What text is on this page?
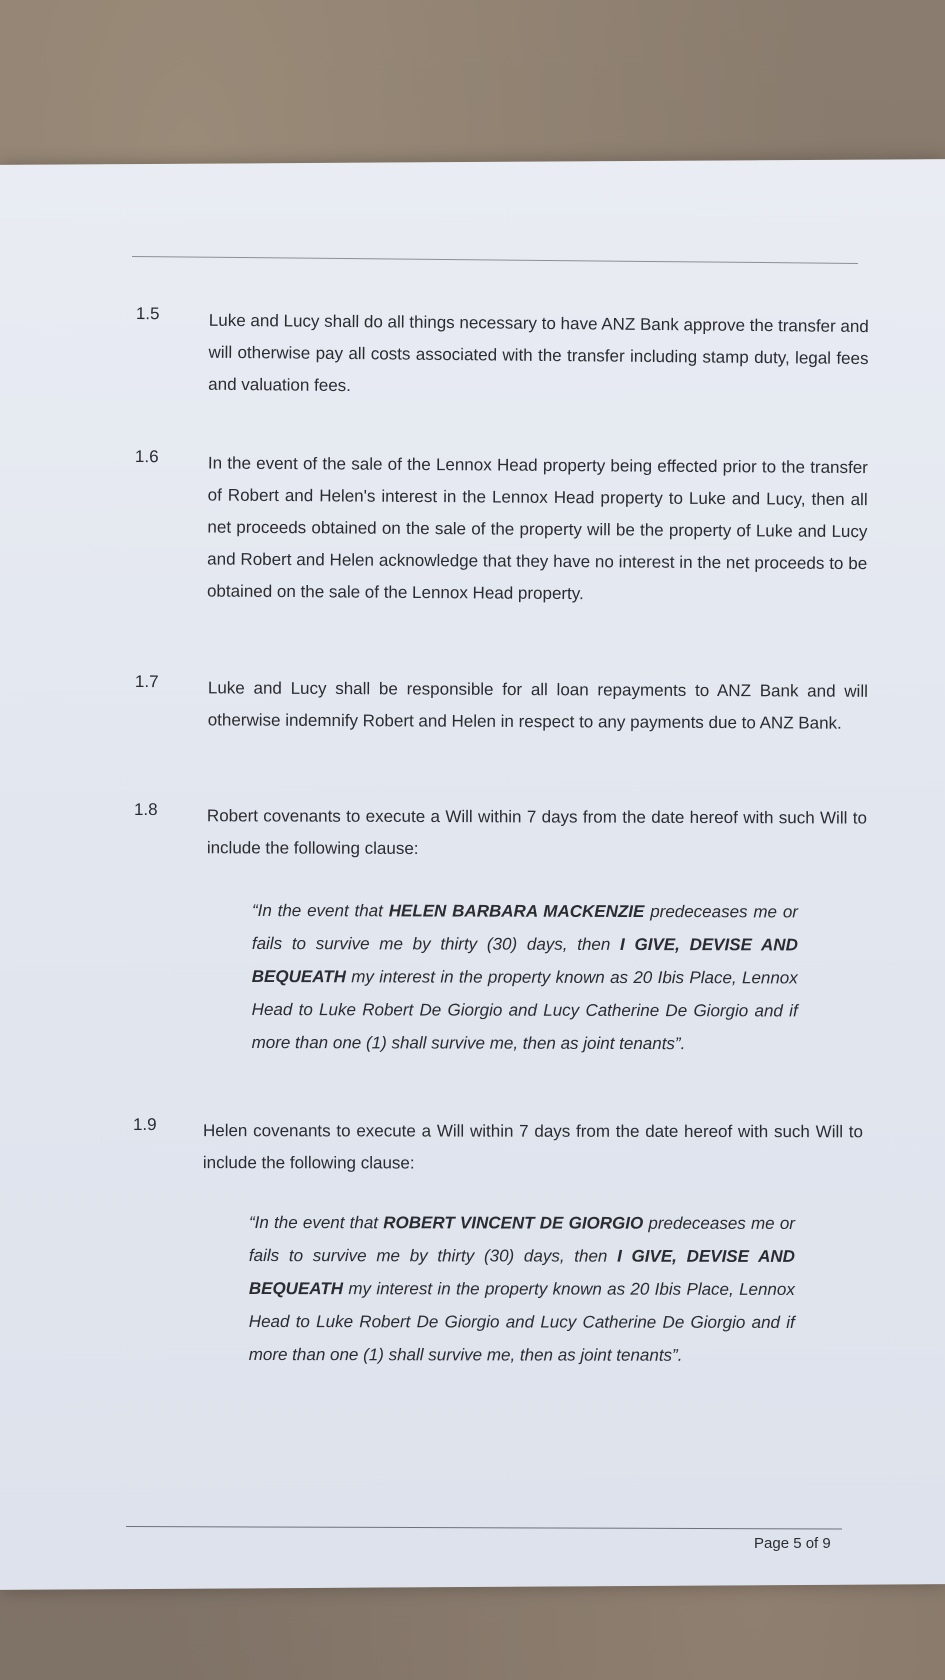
1.5	Luke and Lucy shall do all things necessary to have ANZ Bank approve the transfer and will otherwise pay all costs associated with the transfer including stamp duty, legal fees and valuation fees.
1.6	In the event of the sale of the Lennox Head property being effected prior to the transfer of Robert and Helen's interest in the Lennox Head property to Luke and Lucy, then all net proceeds obtained on the sale of the property will be the property of Luke and Lucy and Robert and Helen acknowledge that they have no interest in the net proceeds to be obtained on the sale of the Lennox Head property.
1.7	Luke and Lucy shall be responsible for all loan repayments to ANZ Bank and will otherwise indemnify Robert and Helen in respect to any payments due to ANZ Bank.
1.8	Robert covenants to execute a Will within 7 days from the date hereof with such Will to include the following clause:
“In the event that HELEN BARBARA MACKENZIE predeceases me or fails to survive me by thirty (30) days, then I GIVE, DEVISE AND BEQUEATH my interest in the property known as 20 Ibis Place, Lennox Head to Luke Robert De Giorgio and Lucy Catherine De Giorgio and if more than one (1) shall survive me, then as joint tenants”.
1.9	Helen covenants to execute a Will within 7 days from the date hereof with such Will to include the following clause:
“In the event that ROBERT VINCENT DE GIORGIO predeceases me or fails to survive me by thirty (30) days, then I GIVE, DEVISE AND BEQUEATH my interest in the property known as 20 Ibis Place, Lennox Head to Luke Robert De Giorgio and Lucy Catherine De Giorgio and if more than one (1) shall survive me, then as joint tenants”.
Page 5 of 9
